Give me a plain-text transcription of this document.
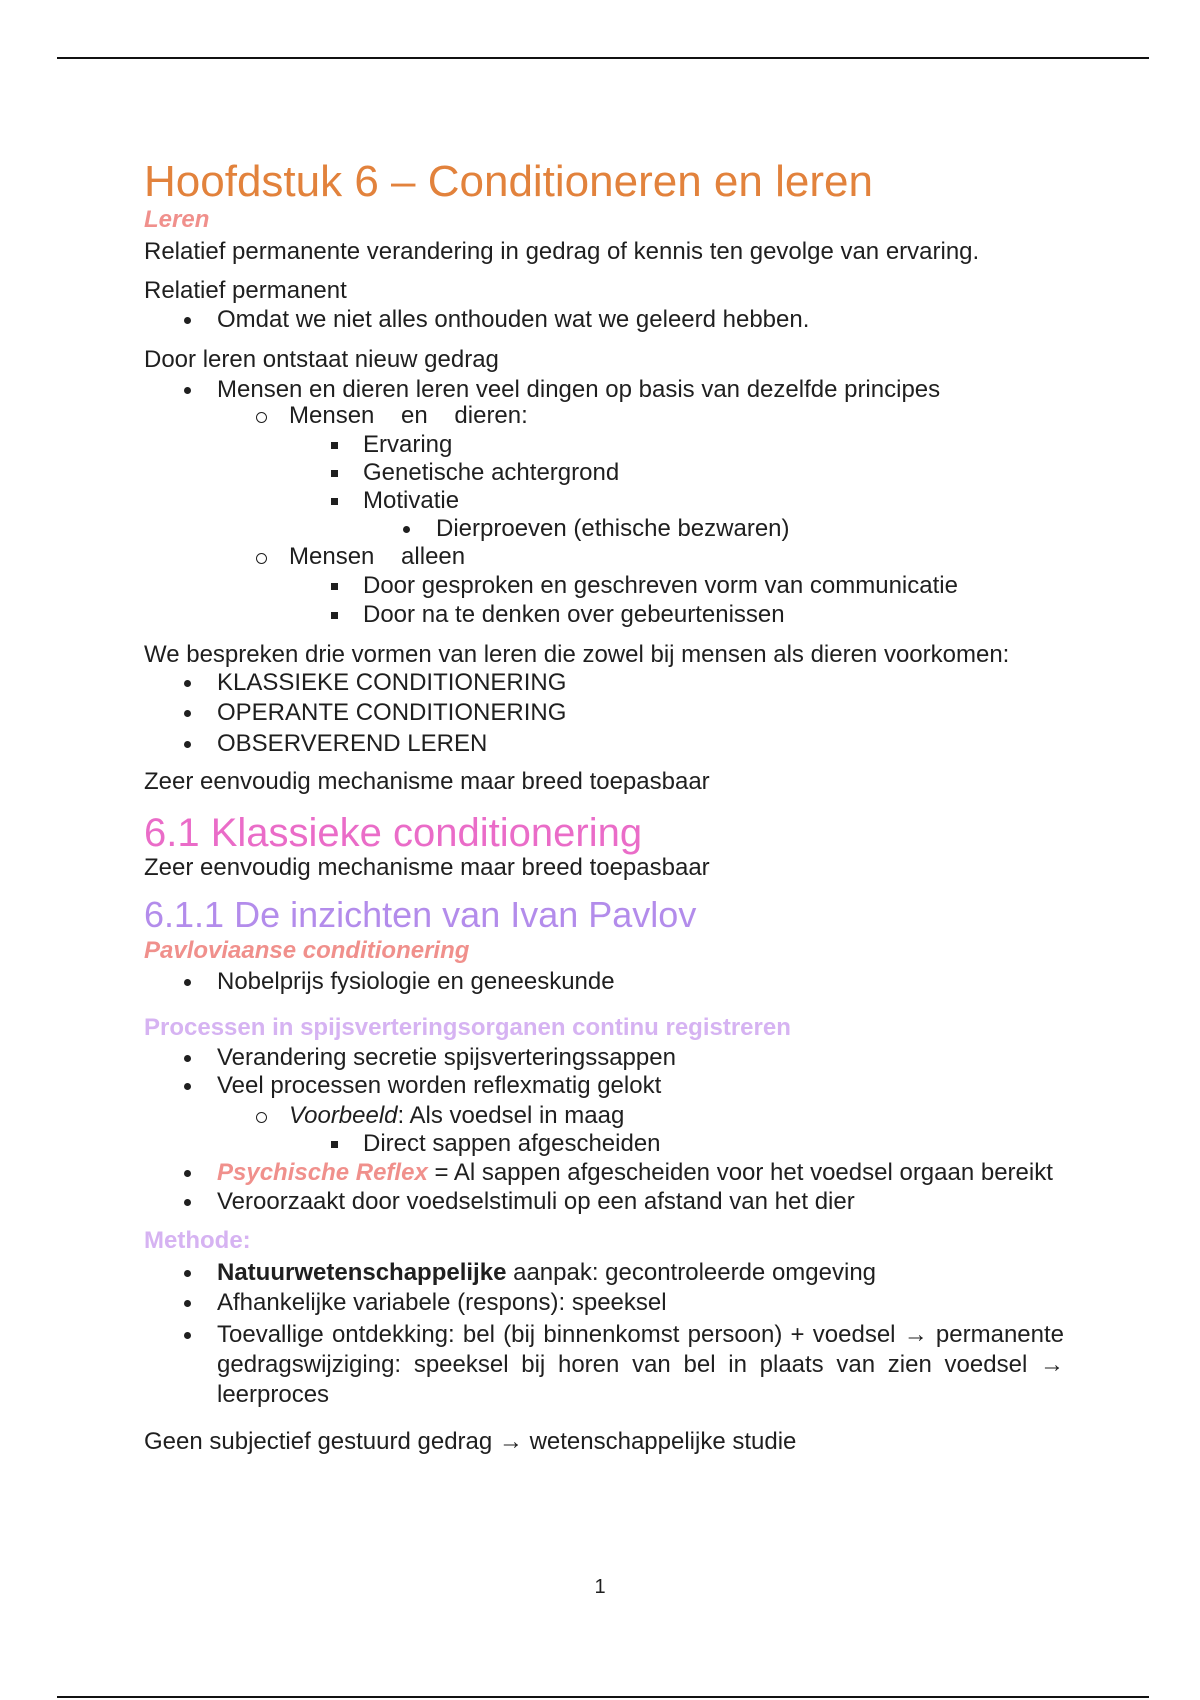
Hoofdstuk 6 – Conditioneren en leren
Leren
Relatief permanente verandering in gedrag of kennis ten gevolge van ervaring.
Relatief permanent
Omdat we niet alles onthouden wat we geleerd hebben.
Door leren ontstaat nieuw gedrag
Mensen en dieren leren veel dingen op basis van dezelfde principes
Mensen en dieren:
Ervaring
Genetische achtergrond
Motivatie
Dierproeven (ethische bezwaren)
Mensen alleen
Door gesproken en geschreven vorm van communicatie
Door na te denken over gebeurtenissen
We bespreken drie vormen van leren die zowel bij mensen als dieren voorkomen:
KLASSIEKE CONDITIONERING
OPERANTE CONDITIONERING
OBSERVEREND LEREN
Zeer eenvoudig mechanisme maar breed toepasbaar
6.1 Klassieke conditionering
Zeer eenvoudig mechanisme maar breed toepasbaar
6.1.1 De inzichten van Ivan Pavlov
Pavloviaanse conditionering
Nobelprijs fysiologie en geneeskunde
Processen in spijsverteringsorganen continu registreren
Verandering secretie spijsverteringssappen
Veel processen worden reflexmatig gelokt
Voorbeeld: Als voedsel in maag
Direct sappen afgescheiden
Psychische Reflex = Al sappen afgescheiden voor het voedsel orgaan bereikt
Veroorzaakt door voedselstimuli op een afstand van het dier
Methode:
Natuurwetenschappelijke aanpak: gecontroleerde omgeving
Afhankelijke variabele (respons): speeksel
Toevallige ontdekking: bel (bij binnenkomst persoon) + voedsel → permanente
gedragswijziging: speeksel bij horen van bel in plaats van zien voedsel →
leerproces
Geen subjectief gestuurd gedrag → wetenschappelijke studie
1
